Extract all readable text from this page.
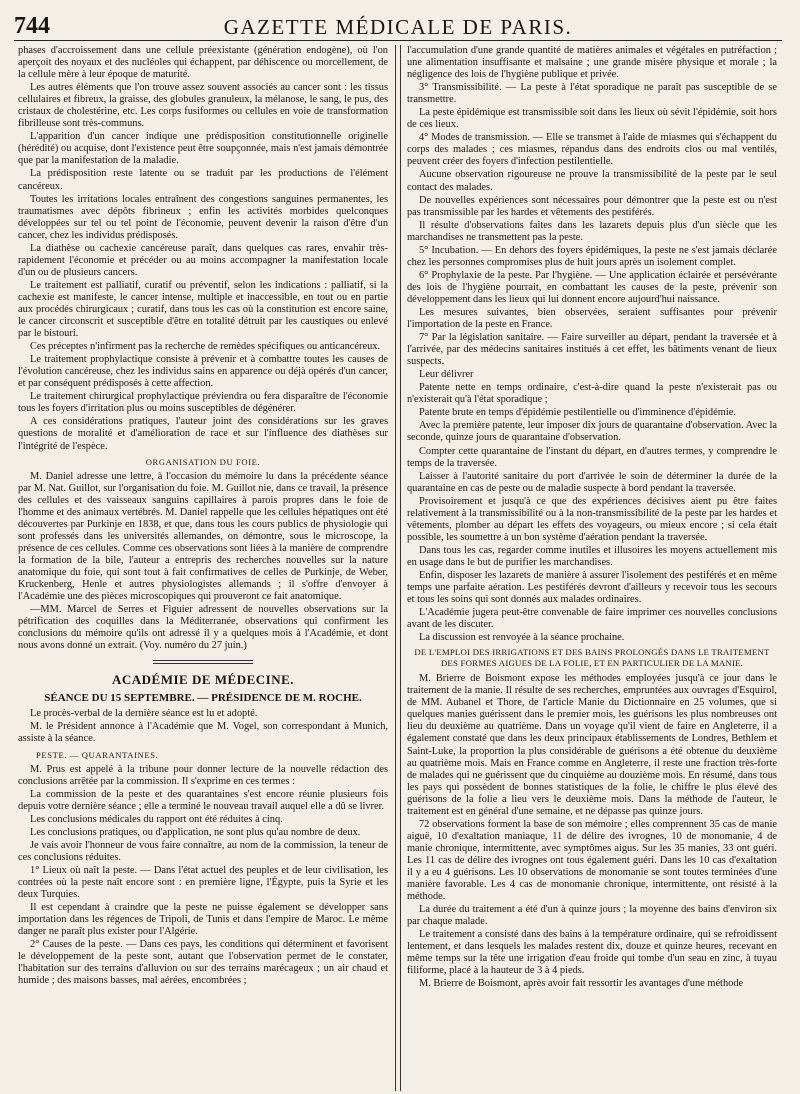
744	GAZETTE MÉDICALE DE PARIS.

phases d'accroissement dans une cellule préexistante (génération endogène), où l'on aperçoit des noyaux et des nucléoles qui échappent, par déhiscence ou morcellement, de la cellule mère à leur époque de maturité.

Les autres éléments que l'on trouve assez souvent associés au cancer sont : les tissus cellulaires et fibreux, la graisse, des globules granuleux, la mélanose, le sang, le pus, des cristaux de cholestérine, etc. Les corps fusiformes ou cellules en voie de transformation fibrilleuse sont très-communs.

L'apparition d'un cancer indique une prédisposition constitutionnelle originelle (hérédité) ou acquise, dont l'existence peut être soupçonnée, mais n'est jamais démontrée que par la manifestation de la maladie.

La prédisposition reste latente ou se traduit par les productions de l'élément cancéreux.

Toutes les irritations locales entraînent des congestions sanguines permanentes, les traumatismes avec dépôts fibrineux ; enfin les activités morbides quelconques développées sur tel ou tel point de l'économie, peuvent devenir la raison d'être d'un cancer, chez les individus prédisposés.

La diathèse ou cachexie cancéreuse paraît, dans quelques cas rares, envahir très-rapidement l'économie et précéder ou au moins accompagner la manifestation locale d'un ou de plusieurs cancers.

Le traitement est palliatif, curatif ou préventif, selon les indications : palliatif, si la cachexie est manifeste, le cancer intense, multiple et inaccessible, en tout ou en partie aux procédés chirurgicaux ; curatif, dans tous les cas où la constitution est encore saine, le cancer circonscrit et susceptible d'être en totalité détruit par les caustiques ou enlevé par le bistouri.

Ces préceptes n'infirment pas la recherche de remèdes spécifiques ou anticancéreux.

Le traitement prophylactique consiste à prévenir et à combattre toutes les causes de l'évolution cancéreuse, chez les individus sains en apparence ou déjà opérés d'un cancer, et par conséquent prédisposés à cette affection.

Le traitement chirurgical prophylactique préviendra ou fera disparaître de l'économie tous les foyers d'irritation plus ou moins susceptibles de dégénérer.

A ces considérations pratiques, l'auteur joint des considérations sur les graves questions de moralité et d'amélioration de race et sur l'influence des diathèses sur l'intégrité de l'espèce.

ORGANISATION DU FOIE.

M. Daniel adresse une lettre, à l'occasion du mémoire lu dans la précédente séance par M. Nat. Guillot, sur l'organisation du foie. M. Guillot nie, dans ce travail, la présence des cellules et des vaisseaux sanguins capillaires à parois propres dans le foie de l'homme et des animaux vertébrés. M. Daniel rappelle que les cellules hépatiques ont été découvertes par Purkinje en 1838, et que, dans tous les cours publics de physiologie qui sont professés dans les universités allemandes, on démontre, sous le microscope, la présence de ces cellules. Comme ces observations sont liées à la manière de comprendre la formation de la bile, l'auteur a entrepris des recherches nouvelles sur la nature anatomique du foie, qui sont tout à fait confirmatives de celles de Purkinje, de Weber, Kruckenberg, Henle et autres physiologistes allemands ; il s'offre d'envoyer à l'Académie une des pièces microscopiques qui prouveront ce fait anatomique.

—MM. Marcel de Serres et Figuier adressent de nouvelles observations sur la pétrification des coquilles dans la Méditerranée, observations qui confirment les conclusions du mémoire qu'ils ont adressé il y a quelques mois à l'Académie, et dont nous avons donné un extrait. (Voy. numéro du 27 juin.)

ACADÉMIE DE MÉDECINE.

SÉANCE DU 15 SEPTEMBRE. — PRÉSIDENCE DE M. ROCHE.

Le procès-verbal de la dernière séance est lu et adopté.

M. le Président annonce à l'Académie que M. Vogel, son correspondant à Munich, assiste à la séance.

PESTE. — QUARANTAINES.

M. Prus est appelé à la tribune pour donner lecture de la nouvelle rédaction des conclusions arrêtée par la commission. Il s'exprime en ces termes :

La commission de la peste et des quarantaines s'est encore réunie plusieurs fois depuis votre dernière séance ; elle a terminé le nouveau travail auquel elle a dû se livrer.

Les conclusions médicales du rapport ont été réduites à cinq.

Les conclusions pratiques, ou d'application, ne sont plus qu'au nombre de deux.

Je vais avoir l'honneur de vous faire connaître, au nom de la commission, la teneur de ces conclusions réduites.

1° Lieux où naît la peste. — Dans l'état actuel des peuples et de leur civilisation, les contrées où la peste naît encore sont : en première ligne, l'Égypte, puis la Syrie et les deux Turquies.

Il est cependant à craindre que la peste ne puisse également se développer sans importation dans les régences de Tripoli, de Tunis et dans l'empire de Maroc. Le même danger ne paraît plus exister pour l'Algérie.

2° Causes de la peste. — Dans ces pays, les conditions qui déterminent et favorisent le développement de la peste sont, autant que l'observation permet de le constater, l'habitation sur des terrains d'alluvion ou sur des terrains marécageux ; un air chaud et humide ; des maisons basses, mal aérées, encombrées ;

l'accumulation d'une grande quantité de matières animales et végétales en putréfaction ; une alimentation insuffisante et malsaine ; une grande misère physique et morale ; la négligence des lois de l'hygiène publique et privée.

3° Transmissibilité. — La peste à l'état sporadique ne paraît pas susceptible de se transmettre.

La peste épidémique est transmissible soit dans les lieux où sévit l'épidémie, soit hors de ces lieux.

4° Modes de transmission. — Elle se transmet à l'aide de miasmes qui s'échappent du corps des malades ; ces miasmes, répandus dans des endroits clos ou mal ventilés, peuvent créer des foyers d'infection pestilentielle.

Aucune observation rigoureuse ne prouve la transmissibilité de la peste par le seul contact des malades.

De nouvelles expériences sont nécessaires pour démontrer que la peste est ou n'est pas transmissible par les hardes et vêtements des pestiférés.

Il résulte d'observations faites dans les lazarets depuis plus d'un siècle que les marchandises ne transmettent pas la peste.

5° Incubation. — En dehors des foyers épidémiques, la peste ne s'est jamais déclarée chez les personnes compromises plus de huit jours après un isolement complet.

6° Prophylaxie de la peste. Par l'hygiène. — Une application éclairée et persévérante des lois de l'hygiène pourrait, en combattant les causes de la peste, prévenir son développement dans les lieux qui lui donnent encore aujourd'hui naissance.

Les mesures suivantes, bien observées, seraient suffisantes pour prévenir l'importation de la peste en France.

7° Par la législation sanitaire. — Faire surveiller au départ, pendant la traversée et à l'arrivée, par des médecins sanitaires institués à cet effet, les bâtiments venant de lieux suspects.

Leur délivrer

Patente nette en temps ordinaire, c'est-à-dire quand la peste n'existerait pas ou n'existerait qu'à l'état sporadique ;

Patente brute en temps d'épidémie pestilentielle ou d'imminence d'épidémie.

Avec la première patente, leur imposer dix jours de quarantaine d'observation. Avec la seconde, quinze jours de quarantaine d'observation.

Compter cette quarantaine de l'instant du départ, en d'autres termes, y comprendre le temps de la traversée.

Laisser à l'autorité sanitaire du port d'arrivée le soin de déterminer la durée de la quarantaine en cas de peste ou de maladie suspecte à bord pendant la traversée.

Provisoirement et jusqu'à ce que des expériences décisives aient pu être faites relativement à la transmissibilité ou à la non-transmissibilité de la peste par les hardes et vêtements, plomber au départ les effets des voyageurs, ou mieux encore ; si cela était possible, les soumettre à un bon système d'aération pendant la traversée.

Dans tous les cas, regarder comme inutiles et illusoires les moyens actuellement mis en usage dans le but de purifier les marchandises.

Enfin, disposer les lazarets de manière à assurer l'isolement des pestiférés et en même temps une parfaite aération. Les pestiférés devront d'ailleurs y recevoir tous les secours et tous les soins qui sont donnés aux malades ordinaires.

L'Académie jugera peut-être convenable de faire imprimer ces nouvelles conclusions avant de les discuter.

La discussion est renvoyée à la séance prochaine.

DE L'EMPLOI DES IRRIGATIONS ET DES BAINS PROLONGÉS DANS LE TRAITEMENT DES FORMES AIGUES DE LA FOLIE, ET EN PARTICULIER DE LA MANIE.

M. Brierre de Boismont expose les méthodes employées jusqu'à ce jour dans le traitement de la manie. Il résulte de ses recherches, empruntées aux ouvrages d'Esquirol, de MM. Aubanel et Thore, de l'article Manie du Dictionnaire en 25 volumes, que si quelques manies guérissent dans le premier mois, les guérisons les plus nombreuses ont lieu du deuxième au quatrième. Dans un voyage qu'il vient de faire en Angleterre, il a également constaté que dans les deux principaux établissements de Londres, Bethlem et Saint-Luke, la proportion la plus considérable de guérisons a été obtenue du deuxième au quatrième mois. Mais en France comme en Angleterre, il reste une fraction très-forte de malades qui ne guérissent que du cinquième au douzième mois. En résumé, dans tous les pays qui possèdent de bonnes statistiques de la folie, le chiffre le plus élevé des guérisons de la folie a lieu vers le deuxième mois. Dans la méthode de l'auteur, le traitement est en général d'une semaine, et ne dépasse pas quinze jours.

72 observations forment la base de son mémoire ; elles comprennent 35 cas de manie aiguë, 10 d'exaltation maniaque, 11 de délire des ivrognes, 10 de monomanie, 4 de manie chronique, intermittente, avec symptômes aigus. Sur les 35 manies, 33 ont guéri. Les 11 cas de délire des ivrognes ont tous également guéri. Dans les 10 cas d'exaltation il y a eu 4 guérisons. Les 10 observations de monomanie se sont toutes terminées d'une manière favorable. Les 4 cas de monomanie chronique, intermittente, ont résisté à la méthode.

La durée du traitement a été d'un à quinze jours ; la moyenne des bains d'environ six par chaque malade.

Le traitement a consisté dans des bains à la température ordinaire, qui se refroidissent lentement, et dans lesquels les malades restent dix, douze et quinze heures, recevant en même temps sur la tête une irrigation d'eau froide qui tombe d'un seau en zinc, à tuyau filiforme, placé à la hauteur de 3 à 4 pieds.

M. Brierre de Boismont, après avoir fait ressortir les avantages d'une méthode
